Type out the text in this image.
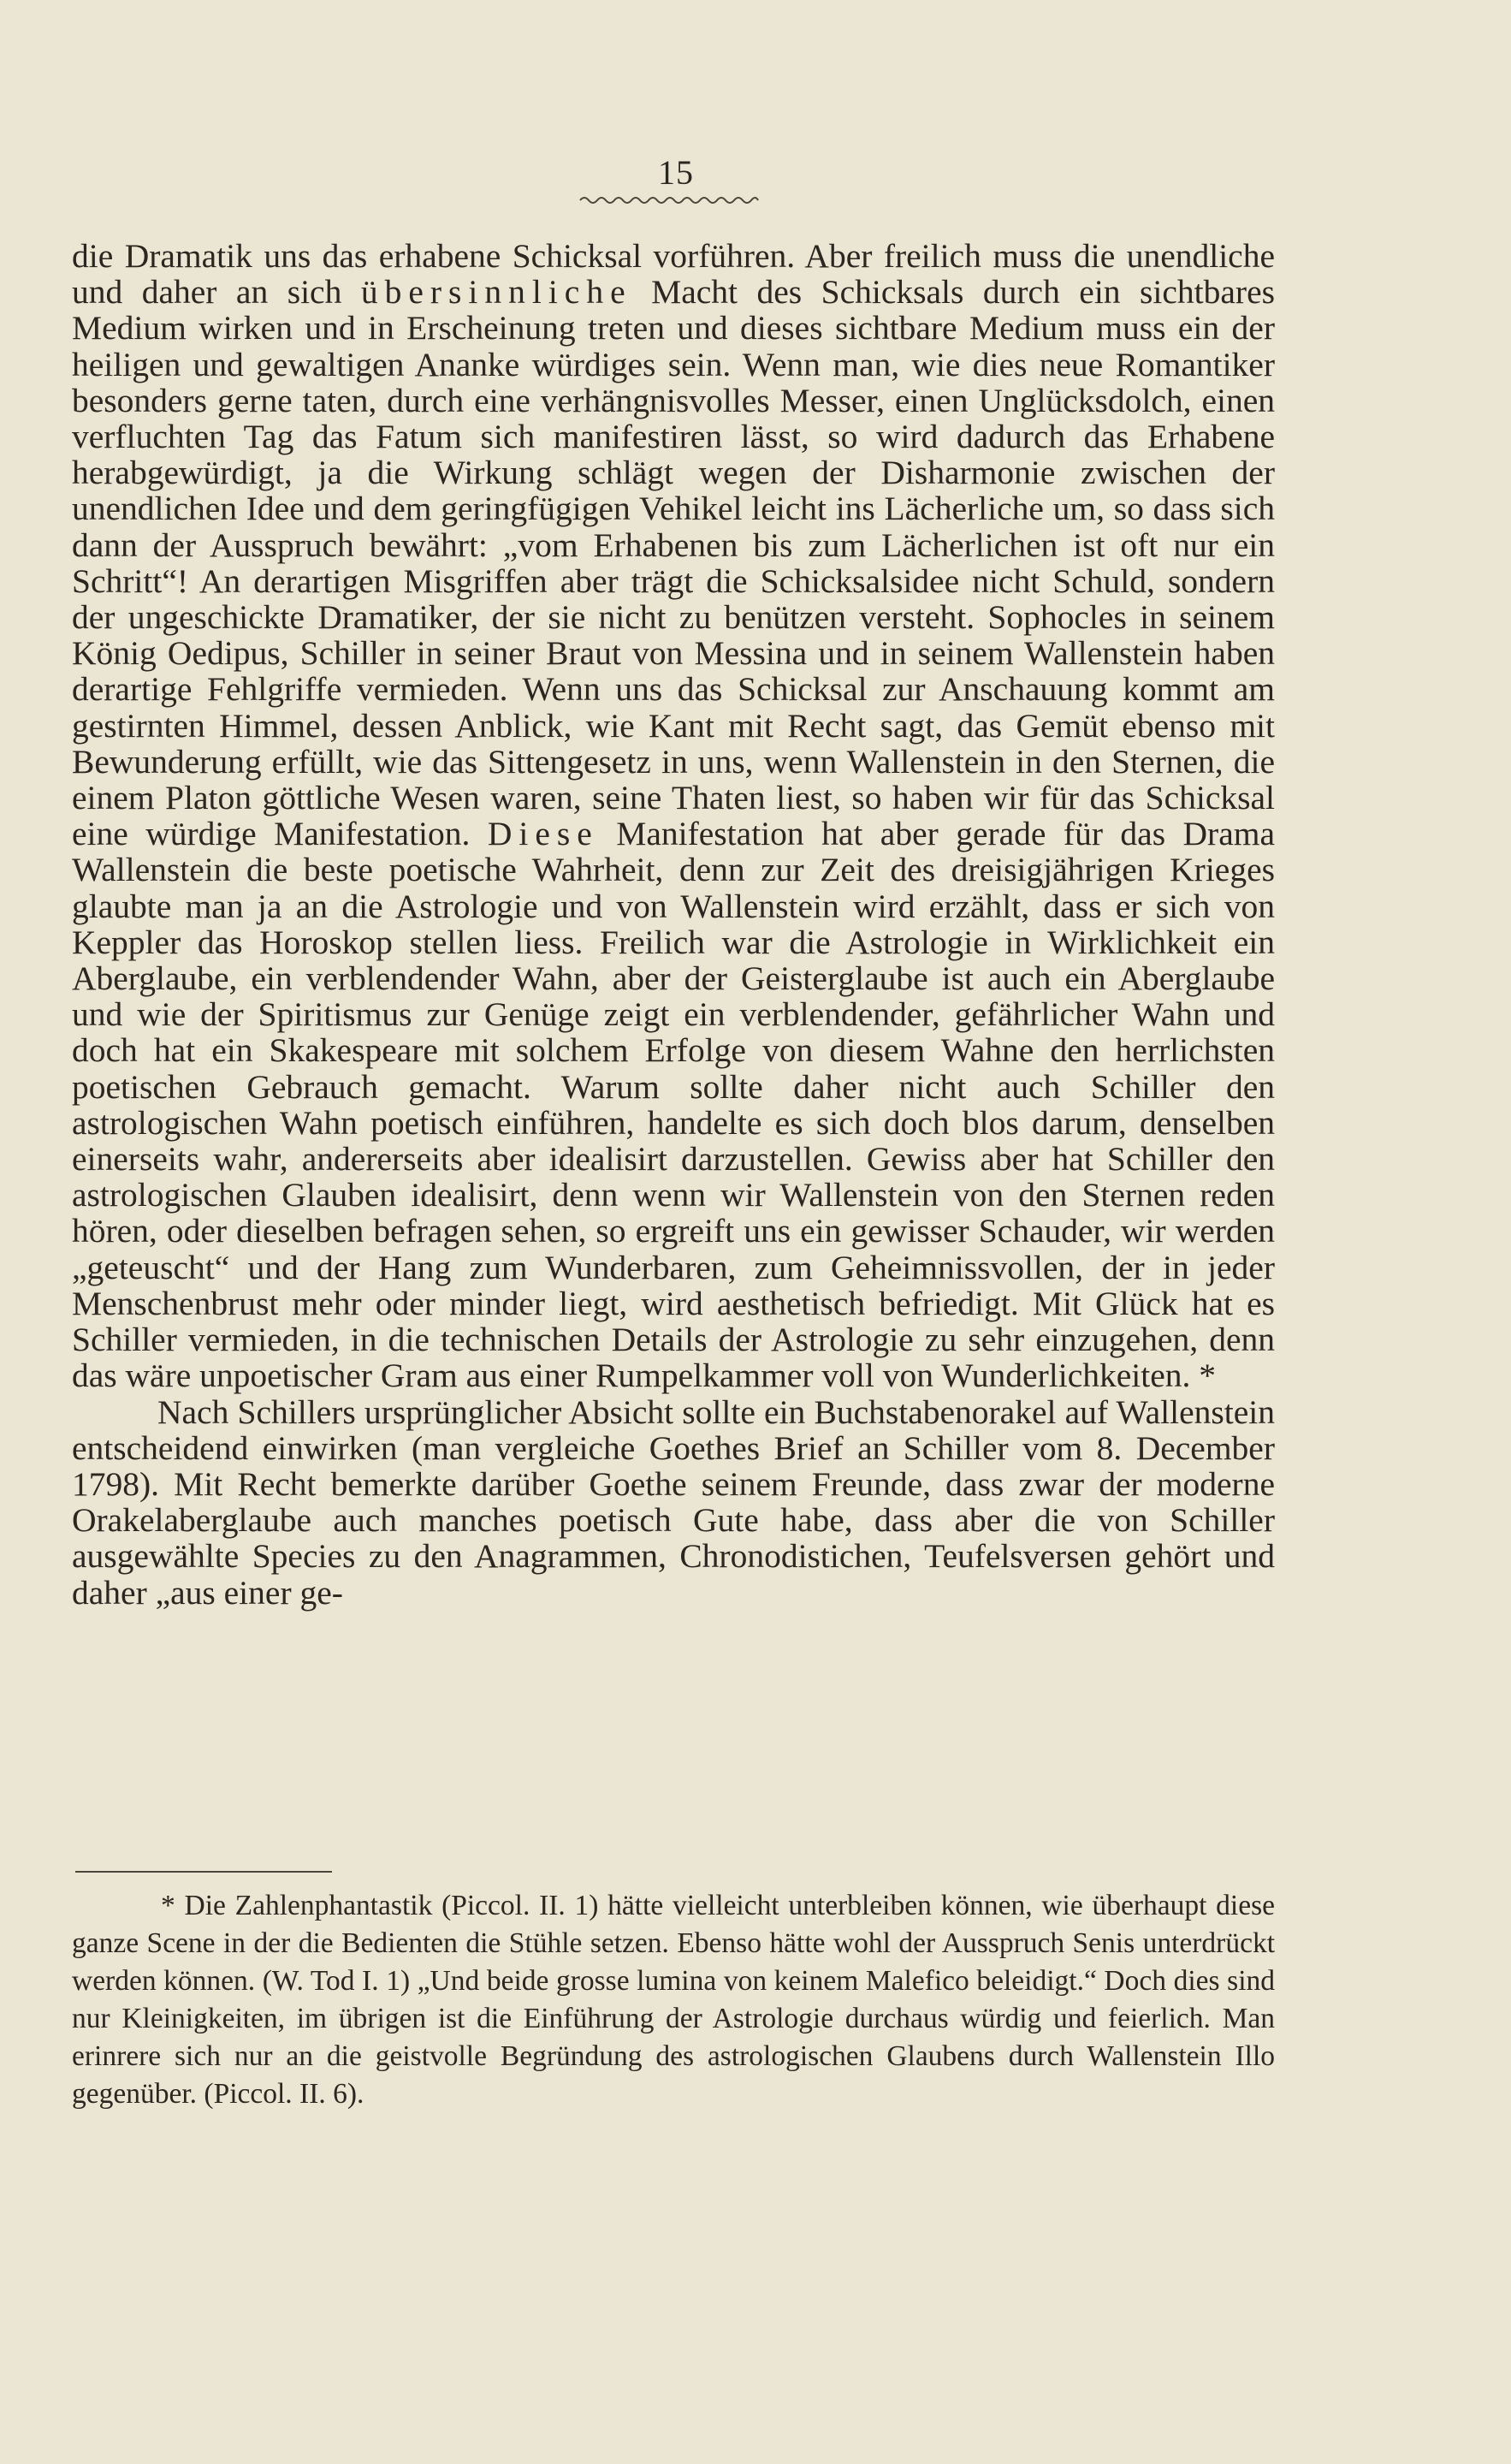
15

die Dramatik uns das erhabene Schicksal vorführen. Aber freilich muss die unendliche und daher an sich übersinnliche Macht des Schicksals durch ein sichtbares Medium wirken und in Erscheinung treten und dieses sichtbare Medium muss ein der heiligen und gewaltigen Ananke würdiges sein. Wenn man, wie dies neue Romantiker besonders gerne taten, durch eine verhängnisvolles Messer, einen Unglücksdolch, einen verfluchten Tag das Fatum sich manifestiren lässt, so wird dadurch das Erhabene herabgewürdigt, ja die Wirkung schlägt wegen der Disharmonie zwischen der unendlichen Idee und dem geringfügigen Vehikel leicht ins Lächerliche um, so dass sich dann der Ausspruch bewährt: „vom Erhabenen bis zum Lächerlichen ist oft nur ein Schritt“! An derartigen Misgriffen aber trägt die Schicksalsidee nicht Schuld, sondern der ungeschickte Dramatiker, der sie nicht zu benützen versteht. Sophocles in seinem König Oedipus, Schiller in seiner Braut von Messina und in seinem Wallenstein haben derartige Fehlgriffe vermieden. Wenn uns das Schicksal zur Anschauung kommt am gestirnten Himmel, dessen Anblick, wie Kant mit Recht sagt, das Gemüt ebenso mit Bewunderung erfüllt, wie das Sittengesetz in uns, wenn Wallenstein in den Sternen, die einem Platon göttliche Wesen waren, seine Thaten liest, so haben wir für das Schicksal eine würdige Manifestation. Diese Manifestation hat aber gerade für das Drama Wallenstein die beste poetische Wahrheit, denn zur Zeit des dreisigjährigen Krieges glaubte man ja an die Astrologie und von Wallenstein wird erzählt, dass er sich von Keppler das Horoskop stellen liess. Freilich war die Astrologie in Wirklichkeit ein Aberglaube, ein verblendender Wahn, aber der Geisterglaube ist auch ein Aberglaube und wie der Spiritismus zur Genüge zeigt ein verblendender, gefährlicher Wahn und doch hat ein Skakespeare mit solchem Erfolge von diesem Wahne den herrlichsten poetischen Gebrauch gemacht. Warum sollte daher nicht auch Schiller den astrologischen Wahn poetisch einführen, handelte es sich doch blos darum, denselben einerseits wahr, andererseits aber idealisirt darzustellen. Gewiss aber hat Schiller den astrologischen Glauben idealisirt, denn wenn wir Wallenstein von den Sternen reden hören, oder dieselben befragen sehen, so ergreift uns ein gewisser Schauder, wir werden „geteuscht“ und der Hang zum Wunderbaren, zum Geheimnissvollen, der in jeder Menschenbrust mehr oder minder liegt, wird aesthetisch befriedigt. Mit Glück hat es Schiller vermieden, in die technischen Details der Astrologie zu sehr einzugehen, denn das wäre unpoetischer Gram aus einer Rumpelkammer voll von Wunderlichkeiten. *

Nach Schillers ursprünglicher Absicht sollte ein Buchstabenorakel auf Wallenstein entscheidend einwirken (man vergleiche Goethes Brief an Schiller vom 8. December 1798). Mit Recht bemerkte darüber Goethe seinem Freunde, dass zwar der moderne Orakelaberglaube auch manches poetisch Gute habe, dass aber die von Schiller ausgewählte Species zu den Anagrammen, Chronodistichen, Teufelsversen gehört und daher „aus einer ge-

* Die Zahlenphantastik (Piccol. II. 1) hätte vielleicht unterbleiben können, wie überhaupt diese ganze Scene in der die Bedienten die Stühle setzen. Ebenso hätte wohl der Ausspruch Senis unterdrückt werden können. (W. Tod I. 1) „Und beide grosse lumina von keinem Malefico beleidigt.“ Doch dies sind nur Kleinigkeiten, im übrigen ist die Einführung der Astrologie durchaus würdig und feierlich. Man erinrere sich nur an die geistvolle Begründung des astrologischen Glaubens durch Wallenstein Illo gegenüber. (Piccol. II. 6).
